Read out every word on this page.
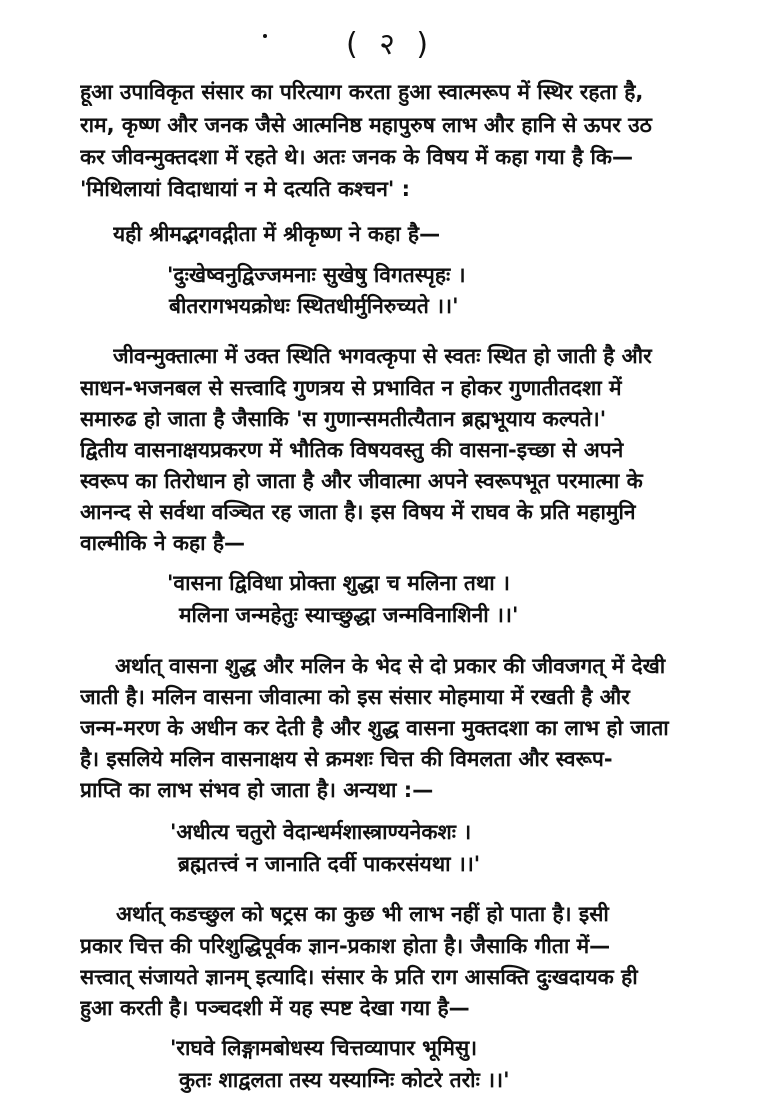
( २ )
हूआ उपाविकृत संसार का परित्याग करता हुआ स्वात्मरूप में स्थिर रहता है,
राम, कृष्ण और जनक जैसे आत्मनिष्ठ महापुरुष लाभ और हानि से ऊपर उठ
कर जीवन्मुक्तदशा में रहते थे। अतः जनक के विषय में कहा गया है कि—
'मिथिलायां विदाधायां न मे दत्यति कश्चन' :
यही श्रीमद्भगवद्गीता में श्रीकृष्ण ने कहा है—
'दुःखेष्वनुद्विज्जमनाः सुखेषु विगतस्पृहः ।
बीतरागभयक्रोधः स्थितधीर्मुनिरुच्यते ।।'
जीवन्मुक्तात्मा में उक्त स्थिति भगवत्कृपा से स्वतः स्थित हो जाती है और
साधन-भजनबल से सत्त्वादि गुणत्रय से प्रभावित न होकर गुणातीतदशा में
समारुढ हो जाता है जैसाकि 'स गुणान्समतीत्यैतान ब्रह्मभूयाय कल्पते।'
द्वितीय वासनाक्षयप्रकरण में भौतिक विषयवस्तु की वासना-इच्छा से अपने
स्वरूप का तिरोधान हो जाता है और जीवात्मा अपने स्वरूपभूत परमात्मा के
आनन्द से सर्वथा वञ्चित रह जाता है। इस विषय में राघव के प्रति महामुनि
वाल्मीकि ने कहा है—
'वासना द्विविधा प्रोक्ता शुद्धा च मलिना तथा ।
मलिना जन्महेतुः स्याच्छुद्धा जन्मविनाशिनी ।।'
अर्थात् वासना शुद्ध और मलिन के भेद से दो प्रकार की जीवजगत् में देखी
जाती है। मलिन वासना जीवात्मा को इस संसार मोहमाया में रखती है और
जन्म-मरण के अधीन कर देती है और शुद्ध वासना मुक्तदशा का लाभ हो जाता
है। इसलिये मलिन वासनाक्षय से क्रमशः चित्त की विमलता और स्वरूप-
प्राप्ति का लाभ संभव हो जाता है। अन्यथा :—
'अधीत्य चतुरो वेदान्धर्मशास्त्राण्यनेकशः ।
ब्रह्मतत्त्वं न जानाति दर्वी पाकरसंयथा ।।'
अर्थात् कडच्छुल को षट्रस का कुछ भी लाभ नहीं हो पाता है। इसी
प्रकार चित्त की परिशुद्धिपूर्वक ज्ञान-प्रकाश होता है। जैसाकि गीता में—
सत्त्वात् संजायते ज्ञानम् इत्यादि। संसार के प्रति राग आसक्ति दुःखदायक ही
हुआ करती है। पञ्चदशी में यह स्पष्ट देखा गया है—
'राघवे लिङ्गामबोधस्य चित्तव्यापार भूमिसु।
कुतः शाद्वलता तस्य यस्याग्निः कोटरे तरोः ।।'
